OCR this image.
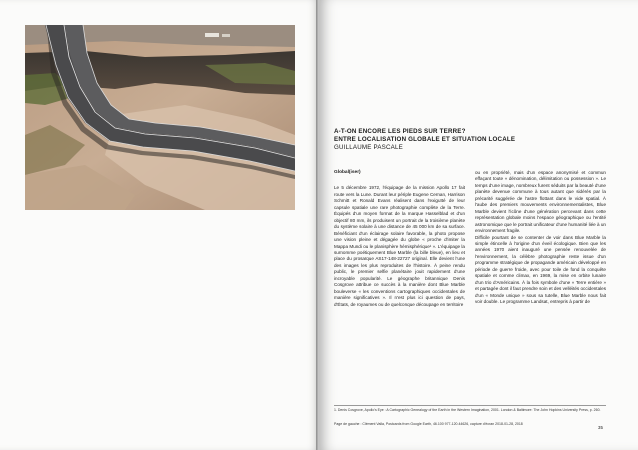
A-T-ON ENCORE LES PIEDS SUR TERRE?
ENTRE LOCALISATION GLOBALE ET SITUATION LOCALE
GUILLAUME PASCALE
Global(iser)

Le 5 décembre 1972, l'équipage de la mission Apollo 17 fait route vers la Lune. Durant leur périple Eugene Cernan, Harrison Schmitt et Ronald Evans réalisent dans l'exiguïté de leur capsule spatiale une rare photographie complète de la Terre. Équipés d'un moyen format de la marque Hasselblad et d'un objectif 80 mm, ils produisent un portrait de la troisième planète du système solaire à une distance de 45 000 km de sa surface. Bénéficiant d'un éclairage solaire favorable, la photo propose une vision pleine et dégagée du globe « proche d'imiter la Mappa Mundi ou le planisphère hémisphérique¹ ». L'équipage la surnomme poétiquement Blue Marble (la bille bleue), en lieu et place du prosaïque AS17-148-22727 original. Elle devient l'une des images les plus reproduites de l'histoire. À peine rendu public, le premier selfie planétaire jouit rapidement d'une incroyable popularité. Le géographe britannique Denis Cosgrove attribue ce succès à la manière dont Blue Marble bouleverse « les conventions cartographiques occidentales de manière significatives ». Il n'est plus ici question de pays, d'États, de royaumes ou de quelconque découpage en territoire

ou en propriété, mais d'un espace anonymisé et commun effaçant toute « dénomination, délimitation ou possession ». Le temps d'une image, nombreux furent séduits par la beauté d'une planète devenue commune à tous autant que sidérés par la précarité suggérée de l'astre flottant dans le vide spatial. À l'aube des premiers mouvements environnementalistes, Blue Marble devient l'icône d'une génération percevant dans cette représentation globale moins l'espace géographique ou l'entité astronomique que le portrait unificateur d'une humanité liée à un environnement fragile.

Difficile pourtant de se contenter de voir dans Blue Marble la simple étincelle à l'origine d'un éveil écologique. Bien que les années 1970 aient inauguré une pensée renouvelée de l'environnement, la célèbre photographie reste issue d'un programme stratégique de propagande américain développé en période de guerre froide, avec pour toile de fond la conquête spatiale et comme climax, en 1969, la mise en orbite lunaire d'un trio d'Américains. À la fois symbole d'une « Terre entière » et partagée dont il faut prendre soin et des velléités occidentales d'un « Monde unique » sous sa tutelle, Blue Marble nous fait voir double. Le programme Landsat, entrepris à partir de

1. Denis Cosgrove, Apollo's Eye : A Cartographic Genealogy of the Earth in the Western Imagination, 2001. London & Baltimore: The John Hopkins University Press, p. 260.
Page de gauche : Clément Valla, Postcards from Google Earth, 46.100 977-120.44626, capture d'écran 2018-01-28, 2018
35
